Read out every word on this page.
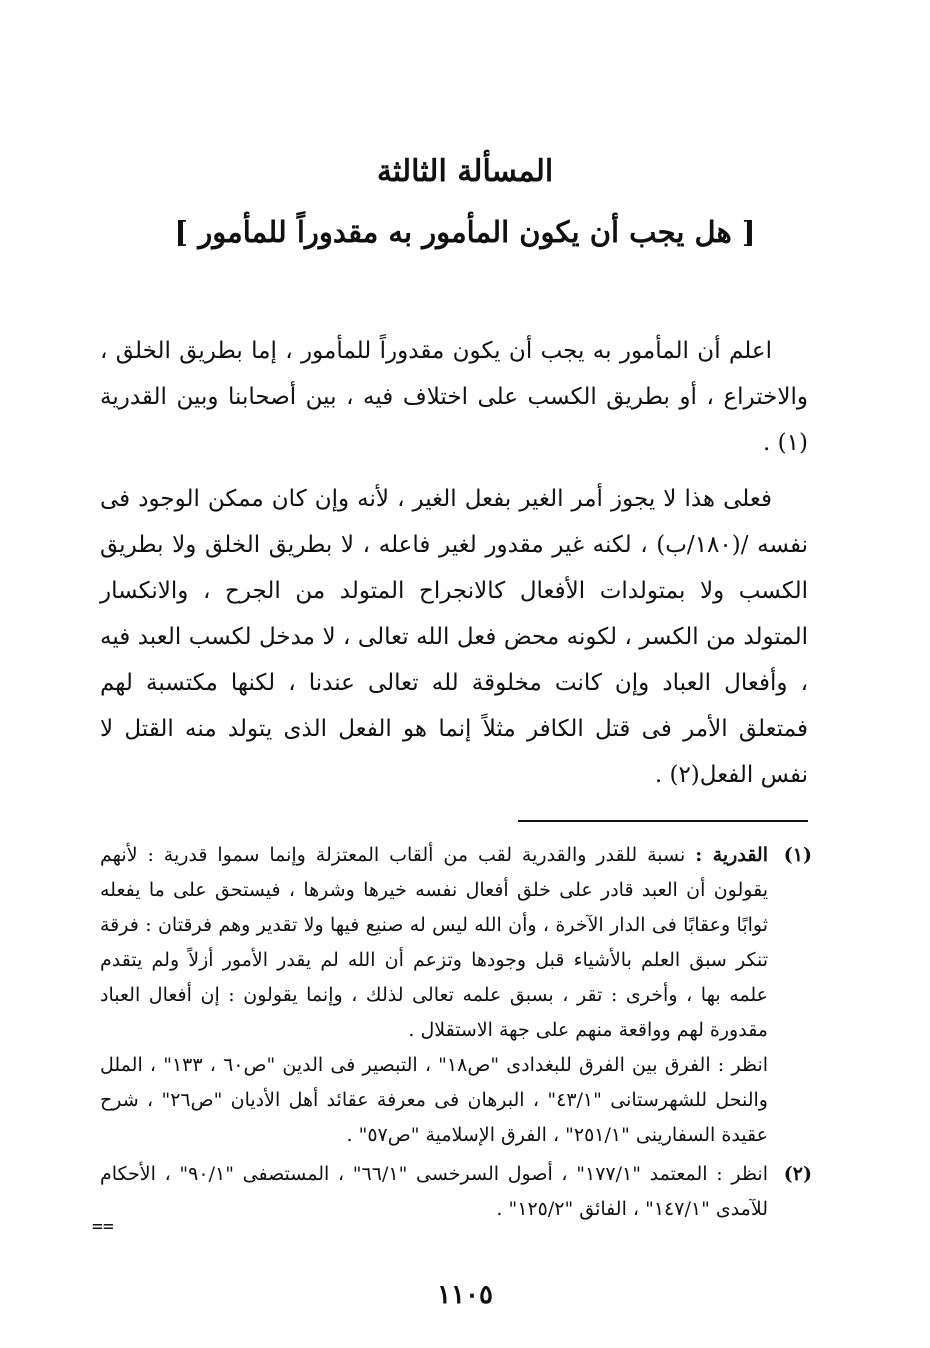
المسألة الثالثة
[ هل يجب أن يكون المأمور به مقدوراً للمأمور ]

اعلم أن المأمور به يجب أن يكون مقدوراً للمأمور ، إما بطريق الخلق ، والاختراع ، أو بطريق الكسب على اختلاف فيه ، بين أصحابنا وبين القدرية (١) .

فعلى هذا لا يجوز أمر الغير بفعل الغير ، لأنه وإن كان ممكن الوجود فى نفسه /(١٨٠/ب) ، لكنه غير مقدور لغير فاعله ، لا بطريق الخلق ولا بطريق الكسب ولا بمتولدات الأفعال كالانجراح المتولد من الجرح ، والانكسار المتولد من الكسر ، لكونه محض فعل الله تعالى ، لا مدخل لكسب العبد فيه ، وأفعال العباد وإن كانت مخلوقة لله تعالى عندنا ، لكنها مكتسبة لهم فمتعلق الأمر فى قتل الكافر مثلاً إنما هو الفعل الذى يتولد منه القتل لا نفس الفعل(٢) .

(١)

القدرية : نسبة للقدر والقدرية لقب من ألقاب المعتزلة وإنما سموا قدرية : لأنهم يقولون أن العبد قادر على خلق أفعال نفسه خيرها وشرها ، فيستحق على ما يفعله ثوابًا وعقابًا فى الدار الآخرة ، وأن الله ليس له صنيع فيها ولا تقدير وهم فرقتان : فرقة تنكر سبق العلم بالأشياء قبل وجودها وتزعم أن الله لم يقدر الأمور أزلاً ولم يتقدم علمه بها ، وأخرى : تقر ، بسبق علمه تعالى لذلك ، وإنما يقولون : إن أفعال العباد مقدورة لهم وواقعة منهم على جهة الاستقلال .

انظر : الفرق بين الفرق للبغدادى "ص١٨" ، التبصير فى الدين "ص٦٠ ، ١٣٣" ، الملل والنحل للشهرستانى "٤٣/١" ، البرهان فى معرفة عقائد أهل الأديان "ص٢٦" ، شرح عقيدة السفارينى "٢٥١/١" ، الفرق الإسلامية "ص٥٧" .

(٢)

انظر : المعتمد "١٧٧/١" ، أصول السرخسى "٦٦/١" ، المستصفى "٩٠/١" ، الأحكام للآمدى "١٤٧/١" ، الفائق "١٢٥/٢" .

==
١١٠٥
